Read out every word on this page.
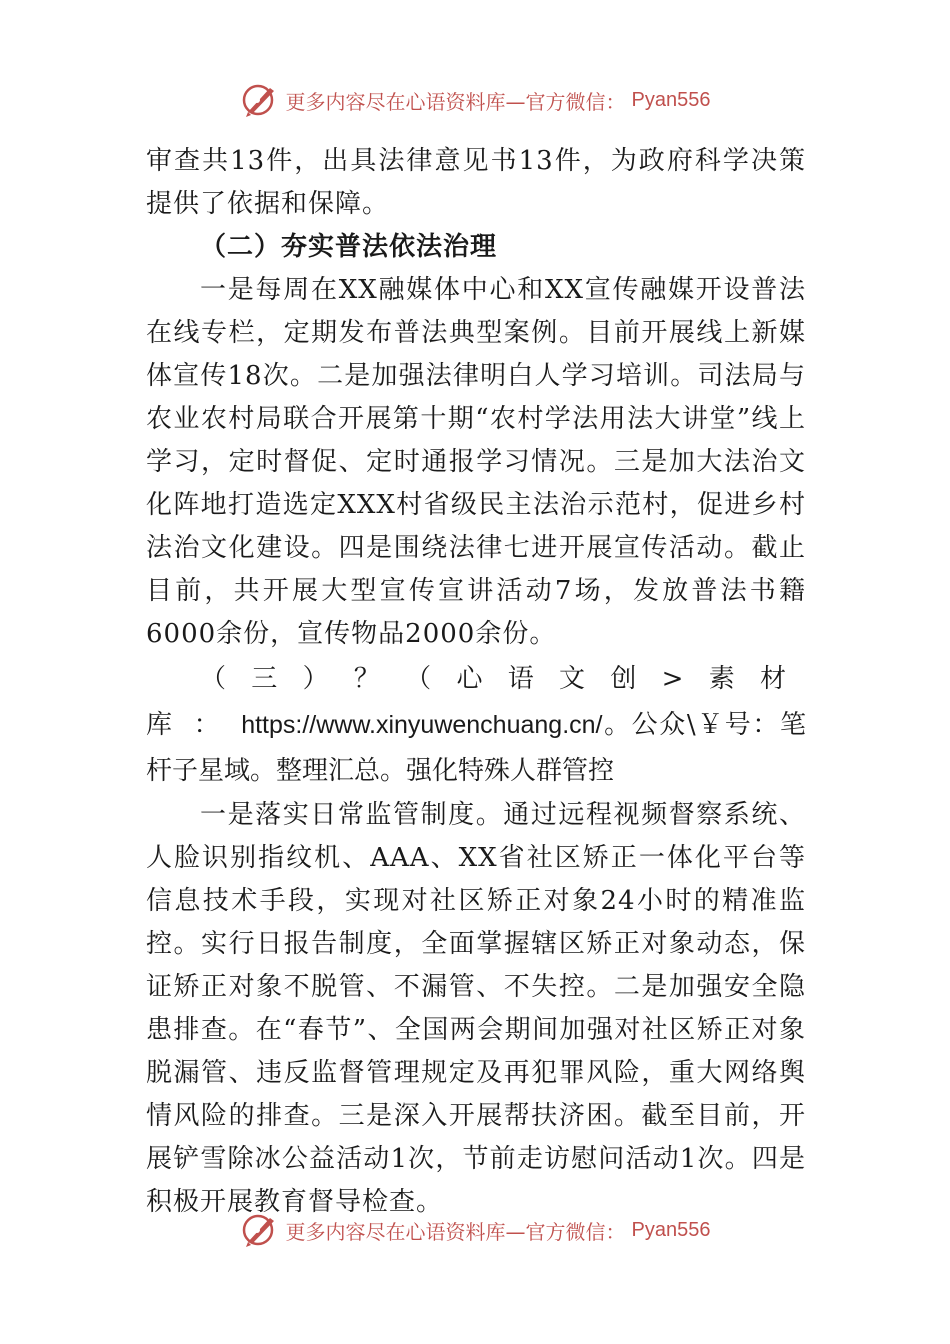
更多内容尽在心语资料库—官方微信： Pyan556

审查共13件，出具法律意见书13件，为政府科学决策提供了依据和保障。

（二）夯实普法依法治理

一是每周在XX融媒体中心和XX宣传融媒开设普法在线专栏，定期发布普法典型案例。目前开展线上新媒体宣传18次。二是加强法律明白人学习培训。司法局与农业农村局联合开展第十期“农村学法用法大讲堂”线上学习，定时督促、定时通报学习情况。三是加大法治文化阵地打造选定XXX村省级民主法治示范村，促进乡村法治文化建设。四是围绕法律七进开展宣传活动。截止目前，共开展大型宣传宣讲活动7场，发放普法书籍6000余份，宣传物品2000余份。

（三）？（心语文创>素材库：https://www.xinyuwenchuang.cn/。公众\￥号：笔杆子星域。整理汇总。强化特殊人群管控

一是落实日常监管制度。通过远程视频督察系统、人脸识别指纹机、AAA、XX省社区矫正一体化平台等信息技术手段，实现对社区矫正对象24小时的精准监控。实行日报告制度，全面掌握辖区矫正对象动态，保证矫正对象不脱管、不漏管、不失控。二是加强安全隐患排查。在“春节”、全国两会期间加强对社区矫正对象脱漏管、违反监督管理规定及再犯罪风险，重大网络舆情风险的排查。三是深入开展帮扶济困。截至目前，开展铲雪除冰公益活动1次，节前走访慰问活动1次。四是积极开展教育督导检查。

更多内容尽在心语资料库—官方微信： Pyan556
